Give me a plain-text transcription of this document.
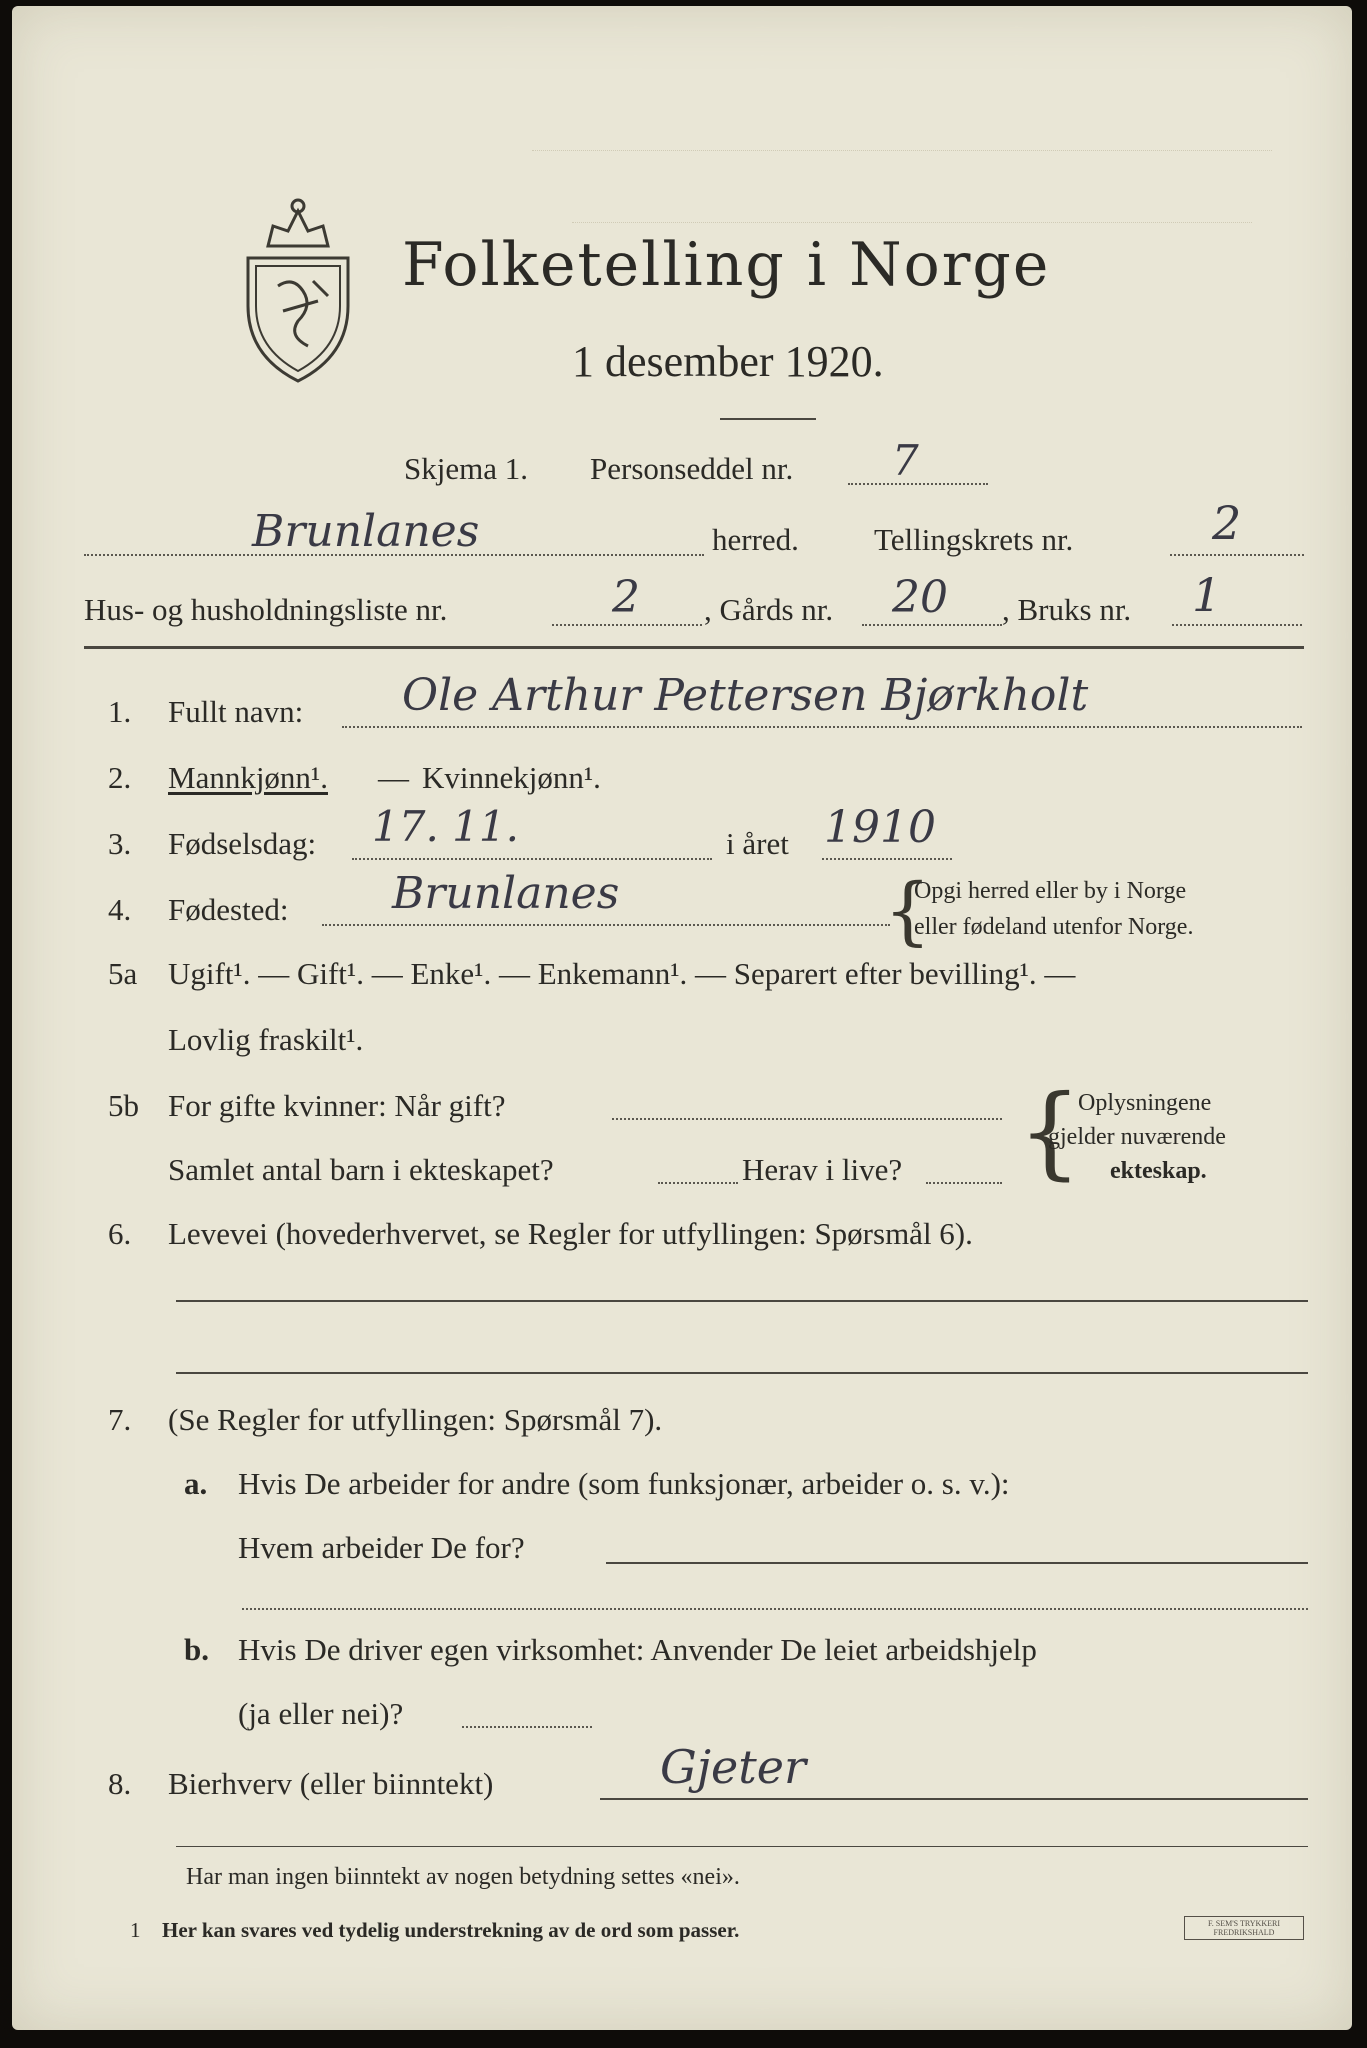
Folketelling i Norge
1 desember 1920.
Skjema 1. Personseddel nr. 7
Brunlanes	herred. Tellingskrets nr.	2
Hus- og husholdningsliste nr.	2 , Gårds nr. 20 , Bruks nr. 1
1. Fullt navn: Ole Arthur Pettersen Bjørkholt
2. Mannkjønn¹. — Kvinnekjønn¹.
3. Fødselsdag: 17. 11.	i året 1910
4. Fødested: Brunlanes	{
Opgi herred eller by i Norge
eller fødeland utenfor Norge.
5a Ugift¹. — Gift¹. — Enke¹. — Enkemann¹. — Separert efter bevilling¹. —
Lovlig fraskilt¹.
5b For gifte kvinner: Når gift?
Samlet antal barn i ekteskapet?	Herav i live? {
Oplysningene
gjelder nuværende
ekteskap.
6. Levevei (hovederhvervet, se Regler for utfyllingen: Spørsmål 6).
7. (Se Regler for utfyllingen: Spørsmål 7).
a. Hvis De arbeider for andre (som funksjonær, arbeider o. s. v.):
Hvem arbeider De for?
b. Hvis De driver egen virksomhet: Anvender De leiet arbeidshjelp
(ja eller nei)?
8. Bierhverv (eller biinntekt)	Gjeter
Har man ingen biinntekt av nogen betydning settes «nei».
1 Her kan svares ved tydelig understrekning av de ord som passer.	F. SEM'S TRYKKERI FREDRIKSHALD
